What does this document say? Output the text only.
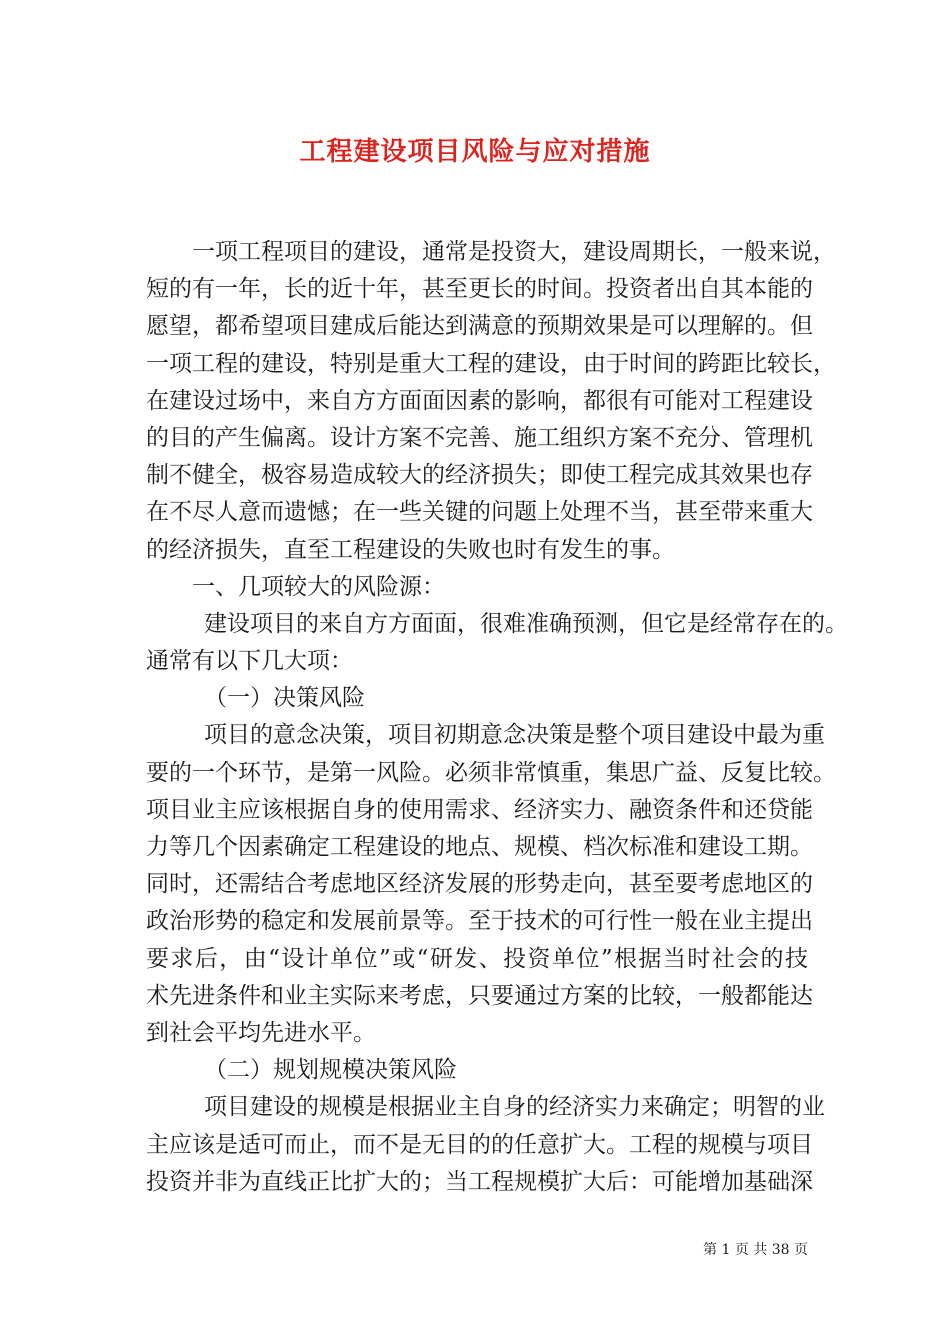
工程建设项目风险与应对措施
一项工程项目的建设，通常是投资大，建设周期长，一般来说，
短的有一年，长的近十年，甚至更长的时间。投资者出自其本能的
愿望，都希望项目建成后能达到满意的预期效果是可以理解的。但
一项工程的建设，特别是重大工程的建设，由于时间的跨距比较长，
在建设过场中，来自方方面面因素的影响，都很有可能对工程建设
的目的产生偏离。设计方案不完善、施工组织方案不充分、管理机
制不健全，极容易造成较大的经济损失；即使工程完成其效果也存
在不尽人意而遗憾；在一些关键的问题上处理不当，甚至带来重大
的经济损失，直至工程建设的失败也时有发生的事。
一、几项较大的风险源：
建设项目的来自方方面面，很难准确预测，但它是经常存在的。
通常有以下几大项：
（一）决策风险
项目的意念决策，项目初期意念决策是整个项目建设中最为重
要的一个环节，是第一风险。必须非常慎重，集思广益、反复比较。
项目业主应该根据自身的使用需求、经济实力、融资条件和还贷能
力等几个因素确定工程建设的地点、规模、档次标准和建设工期。
同时，还需结合考虑地区经济发展的形势走向，甚至要考虑地区的
政治形势的稳定和发展前景等。至于技术的可行性一般在业主提出
要求后，由“设计单位”或“研发、投资单位”根据当时社会的技
术先进条件和业主实际来考虑，只要通过方案的比较，一般都能达
到社会平均先进水平。
（二）规划规模决策风险
项目建设的规模是根据业主自身的经济实力来确定；明智的业
主应该是适可而止，而不是无目的的任意扩大。工程的规模与项目
投资并非为直线正比扩大的；当工程规模扩大后：可能增加基础深
第 1 页 共 38 页
